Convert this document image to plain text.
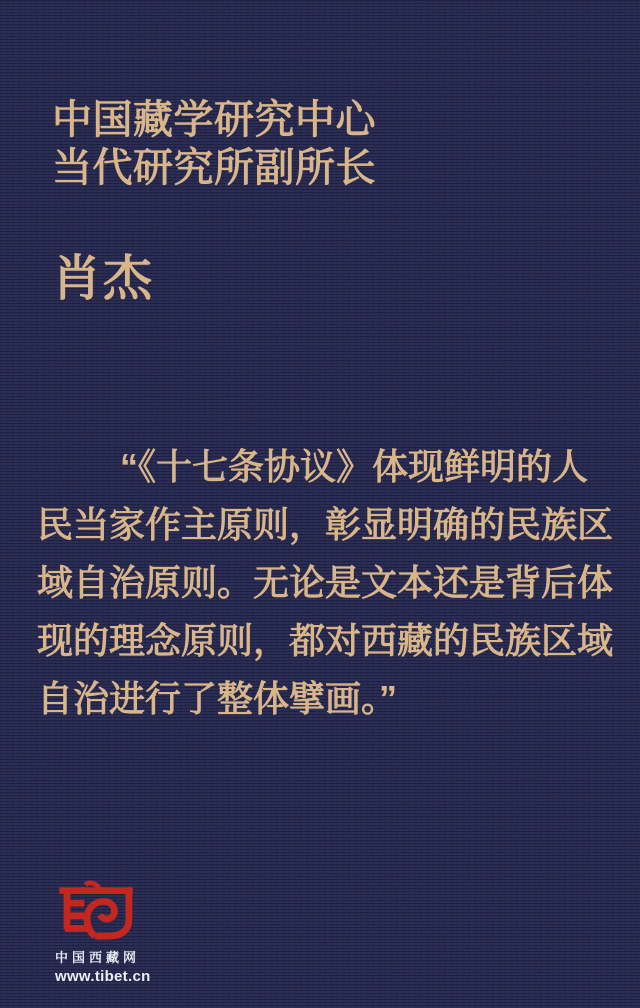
中国藏学研究中心
当代研究所副所长
肖杰
“《十七条协议》体现鲜明的人
民当家作主原则，彰显明确的民族区
域自治原则。无论是文本还是背后体
现的理念原则，都对西藏的民族区域
自治进行了整体擘画。”
中国西藏网
www.tibet.cn
